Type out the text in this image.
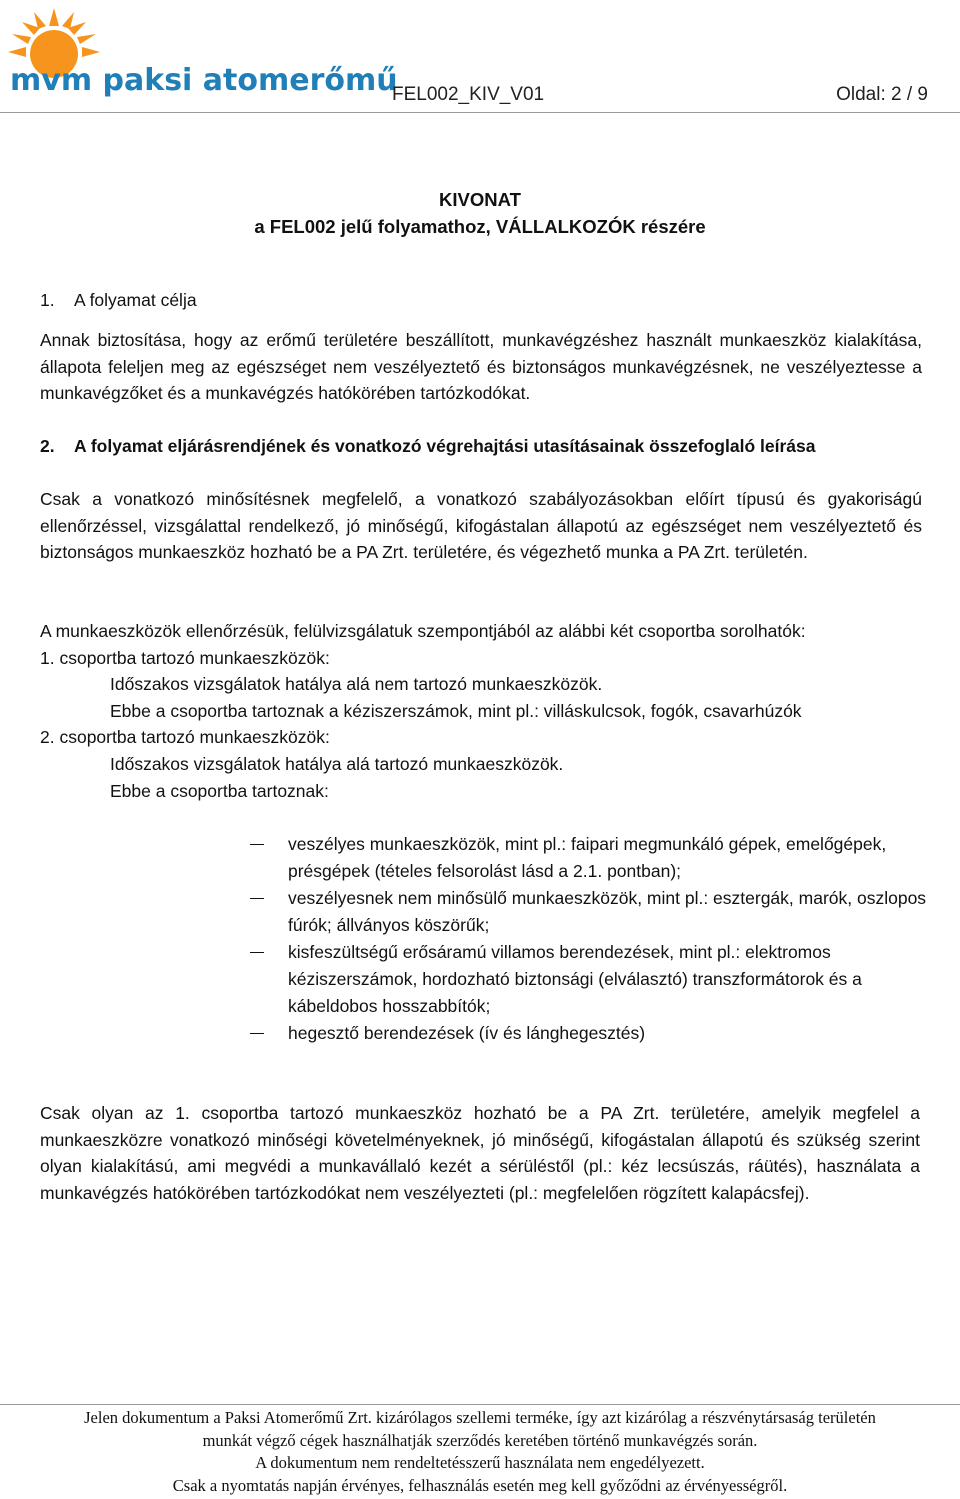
mvm paksi atomerőmű
FEL002_KIV_V01	Oldal: 2 / 9
KIVONAT
a FEL002 jelű folyamathoz, VÁLLALKOZÓK részére
1. A folyamat célja
Annak biztosítása, hogy az erőmű területére beszállított, munkavégzéshez használt munkaeszköz kialakítása, állapota feleljen meg az egészséget nem veszélyeztető és biztonságos munkavégzésnek, ne veszélyeztesse a munkavégzőket és a munkavégzés hatókörében tartózkodókat.
2. A folyamat eljárásrendjének és vonatkozó végrehajtási utasításainak összefoglaló leírása
Csak a vonatkozó minősítésnek megfelelő, a vonatkozó szabályozásokban előírt típusú és gyakoriságú ellenőrzéssel, vizsgálattal rendelkező, jó minőségű, kifogástalan állapotú az egészséget nem veszélyeztető és biztonságos munkaeszköz hozható be a PA Zrt. területére, és végezhető munka a PA Zrt. területén.
A munkaeszközök ellenőrzésük, felülvizsgálatuk szempontjából az alábbi két csoportba sorolhatók:
1. csoportba tartozó munkaeszközök:
Időszakos vizsgálatok hatálya alá nem tartozó munkaeszközök.
Ebbe a csoportba tartoznak a kéziszerszámok, mint pl.: villáskulcsok, fogók, csavarhúzók
2. csoportba tartozó munkaeszközök:
Időszakos vizsgálatok hatálya alá tartozó munkaeszközök.
Ebbe a csoportba tartoznak:
veszélyes munkaeszközök, mint pl.: faipari megmunkáló gépek, emelőgépek, présgépek (tételes felsorolást lásd a 2.1. pontban);
veszélyesnek nem minősülő munkaeszközök, mint pl.: esztergák, marók, oszlopos fúrók; állványos köszörűk;
kisfeszültségű erősáramú villamos berendezések, mint pl.: elektromos kéziszerszámok, hordozható biztonsági (elválasztó) transzformátorok és a kábeldobos hosszabbítók;
hegesztő berendezések (ív és lánghegesztés)
Csak olyan az 1. csoportba tartozó munkaeszköz hozható be a PA Zrt. területére, amelyik megfelel a munkaeszközre vonatkozó minőségi követelményeknek, jó minőségű, kifogástalan állapotú és szükség szerint olyan kialakítású, ami megvédi a munkavállaló kezét a sérüléstől (pl.: kéz lecsúszás, ráütés), használata a munkavégzés hatókörében tartózkodókat nem veszélyezteti (pl.: megfelelően rögzített kalapácsfej).
Jelen dokumentum a Paksi Atomerőmű Zrt. kizárólagos szellemi terméke, így azt kizárólag a részvénytársaság területén
munkát végző cégek használhatják szerződés keretében történő munkavégzés során.
A dokumentum nem rendeltetésszerű használata nem engedélyezett.
Csak a nyomtatás napján érvényes, felhasználás esetén meg kell győződni az érvényességről.
